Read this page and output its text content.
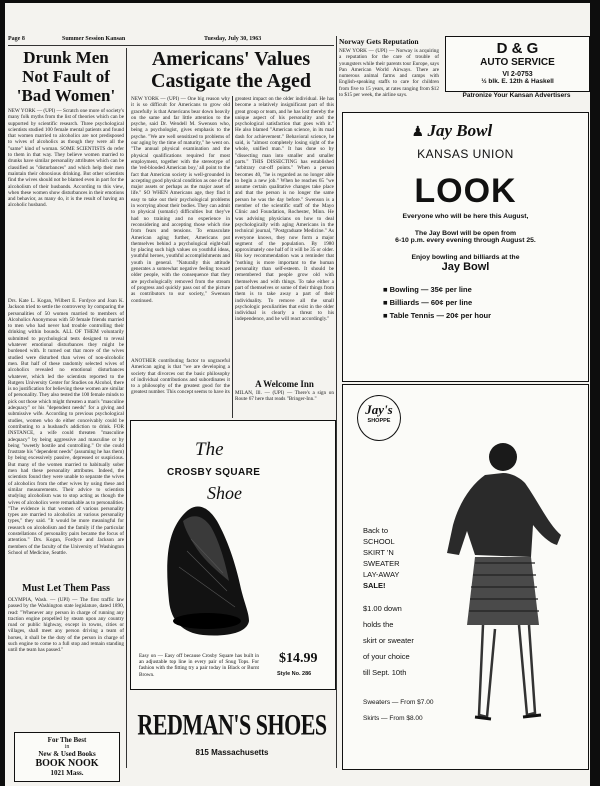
Page 8	Summer Session Kansan	Tuesday, July 30, 1963
Drunk Men Not Fault of 'Bad Women'
NEW YORK — (UPI) — Scratch one more of society's many folk myths from the list of theories which can be supported by scientific research. Three psychological scientists studied 100 female mental patients and found that women married to alcoholics are not predisposed to wives of alcoholics as though they were all the "same" kind of woman. SOME SCIENTISTS do refer to them in that way. They believe women married to drunks have similar personality attributes which can be classified as "disturbances" and which help their men maintain their obnoxious drinking. But other scientists find the wives should not be blamed even in part for the alcoholism of their husbands. According to this view, when these women show disturbances in their emotions and behavior, as many do, it is the result of having an alcoholic husband.
Drs. Kate L. Kogan, Wilbert E. Fordyce and Joan K. Jackson tried to settle the controversy by comparing the personalities of 50 women married to members of Alcoholics Anonymous with 50 female friends married to men who had never had trouble controlling their drinking within bounds. ALL OF THEM voluntarily submitted to psychological tests designed to reveal whatever emotional disturbances they might be burdened with. It turned out that more of the wives studied were disturbed than wives of non-alcoholic men. But half of these randomly selected wives of alcoholics revealed no emotional disturbances whatever, which led the scientists reported to the Rutgers University Center for Studies on Alcohol, there is no justification for believing these women are similar of personality. They also tested the 100 female minds to pick out those which might threaten a man's "masculine adequacy" or his "dependent needs" for a giving and submissive wife. According to previous psychological studies, women who do either conceivably could be contributing to a husband's addiction to drink. FOR INSTANCE, a wife could threaten "masculine adequacy" by being aggressive and masculine or by being "sweetly hostile and controlling." Or she could frustrate his "dependent needs" (assuming he has them) by being excessively passive, depressed or suspicious. But many of the women married to habitually sober men had these personality attributes. Indeed, the scientists found they were unable to separate the wives of alcoholics from the other wives by using these and similar measurements. Their advice to scientists studying alcoholism was to stop acting as though the wives of alcoholics were remarkable as to personalities. "The evidence is that women of various personality types are married to alcoholics at various personality types," they said. "It would be more meaningful for research on alcoholism and the family if the particular constellations of personality pairs became the focus of attention." Drs. Kogan, Fordyce and Jackson are members of the faculty of the University of Washington School of Medicine, Seattle.
Must Let Them Pass
OLYMPIA, Wash. — (UPI) — The first traffic law passed by the Washington state legislature, dated 1890, read: "Whenever any person in charge of running any traction engine propelled by steam upon any country road or public highway, except in towns, cities or villages, shall meet any person driving a team of horses, it shall be the duty of the person in charge of such engine to come to a full stop and remain standing until the team has passed."
For The Best
in
New & Used Books
BOOK NOOK
1021 Mass.
Americans' Values Castigate the Aged
NEW YORK — (UPI) — One big reason why it is so difficult for Americans to grow old gracefully is that Americans bear down heavily on the same and far little attention to the psyche, said Dr. Wendell M. Swenson who, being a psychologist, gives emphasis to the psyche. "We are well sensitized to problems of our aging by the time of maturity," he went on. "The annual physical examination and the physical qualifications required for most employment, together with the stereotype of the 'red-blooded American boy,' all point to the fact that American society is well-grounded in accepting good physical condition as one of the major assets or perhaps as the major asset of life." SO WHEN Americans age, they find it easy to take out their psychological problems in worrying about their bodies. They can admit to physical (somatic) difficulties but they've had no training and no experience in reconsidering and accepting those which rise from fears and tensions. To emasculate American aging further, Americans put themselves behind a psychological eight-ball by placing such high values on youthful ideas, youthful heroes, youthful accomplishments and youth in general. "Naturally this attitude generates a somewhat negative feeling toward older people, with the consequence that they are psychologically removed from the stream of progress and quickly pass out of the picture as contributors to our society," Swenson continued.
ANOTHER contributing factor to ungraceful American aging is that "we are developing a society that divorces out the basic philosophy of individual contributions and subordinates it to a philosophy of the greatest good for the greatest number. This concept seems to have its
greatest impact on the older individual. He has become a relatively insignificant part of this great group or team, and he has lost thereby the unique aspect of his personality and the psychological satisfaction that goes with it." He also blamed "American science, in its mad dash for achievement." Behavioral science, he said, is "almost completely losing sight of the whole, unified man." It has done so by "dissecting man into smaller and smaller parts." THIS DISSECTING has established "arbitrary cut-off points." When a person becomes 40, "he is regarded as no longer able to begin a new job." When he reaches 65 "we assume certain qualitative changes take place and that the person is no longer the same person he was the day before." Swenson is a member of the scientific staff of the Mayo Clinic and Foundation, Rochester, Minn. He was advising physicians on how to deal psychologically with aging Americans in the technical journal, "Postgraduate Medicine." As everyone knows, they now form a major segment of the population. By 1980 approximately one half of it will be 35 or older. His key recommendation was a reminder that "nothing is more important to the human personality than self-esteem. It should be remembered that people grow old with themselves and with things. To take either a part of themselves or some of their things from them is to take away a part of their individuality. To remove all the small psychologic peculiarities that exist in the older individual is clearly a threat to his independence, and he will react accordingly."
A Welcome Inn
MILAN, Ill. — (UPI) — There's a sign on Route 67 here that reads "Bringer-Inn."
The
CROSBY SQUARE
Shoe
Easy on — Easy off because Crosby Square has built in an adjustable top line in every pair of Snug Tops. For fashion with the fitting try a pair today in Black or Burnt Brown.
$14.99
Style No. 286
REDMAN'S SHOES
815 Massachusetts
Norway Gets Reputation
NEW YORK — (UPI) — Norway is acquiring a reputation for the care of trouble of youngsters while their parents tour Europe, says Pan American World Airways. There are numerous animal farms and camps with English-speaking staffs to care for children from five to 15 years, at rates ranging from $12 to $15 per week, the airline says.
D & G
AUTO SERVICE
VI 2-0753
½ blk. E. 12th & Haskell
Patronize Your Kansan Advertisers
♟ Jay Bowl
KANSAS UNION
LOOK
Everyone who will be here this August,
The Jay Bowl will be open from
6-10 p.m. every evening through August 25.
Enjoy bowling and billiards at the
Jay Bowl
■ Bowling — 35¢ per line
■ Billiards — 60¢ per line
■ Table Tennis — 20¢ per hour
Jay's
SHOPPE
Back to
SCHOOL
SKIRT 'N
SWEATER
LAY-AWAY
SALE!
$1.00 down
holds the
skirt or sweater
of your choice
till Sept. 10th
Sweaters — From $7.00
Skirts — From $8.00
